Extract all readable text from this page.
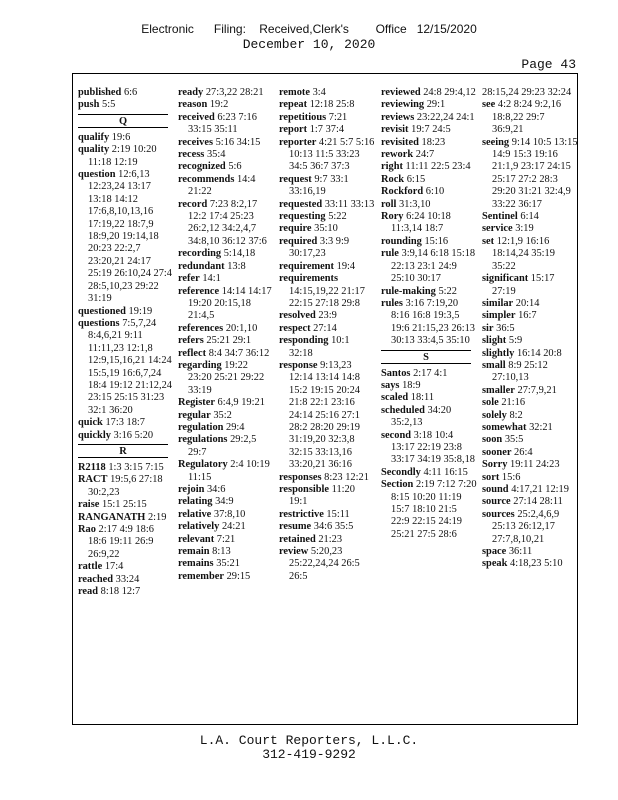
Electronic      Filing:    Received,Clerk's        Office   12/15/2020
December 10, 2020
Page 43
published 6:6
push 5:5
Q
qualify 19:6
quality 2:19 10:20 11:18 12:19
question 12:6,13 12:23,24 13:17 13:18 14:12 17:6,8,10,13,16 17:19,22 18:7,9 18:9,20 19:14,18 20:23 22:2,7 23:20,21 24:17 25:19 26:10,24 27:4 28:5,10,23 29:22 31:19
questioned 19:19
questions 7:5,7,24 8:4,6,21 9:11 11:11,23 12:1,8 12:9,15,16,21 14:24 15:5,19 16:6,7,24 18:4 19:12 21:12,24 23:15 25:15 31:23 32:1 36:20
quick 17:3 18:7
quickly 3:16 5:20
R
R2118 1:3 3:15 7:15
RACT 19:5,6 27:18 30:2,23
raise 15:1 25:15
RANGANATH 2:19
Rao 2:17 4:9 18:6 18:6 19:11 26:9 26:9,22
rattle 17:4
reached 33:24
read 8:18 12:7
ready 27:3,22 28:21
reason 19:2
received 6:23 7:16 33:15 35:11
receives 5:16 34:15
recess 35:4
recognized 5:6
recommends 14:4 21:22
record 7:23 8:2,17 12:2 17:4 25:23 26:2,12 34:2,4,7 34:8,10 36:12 37:6
recording 5:14,18
redundant 13:8
refer 14:1
reference 14:14 14:17 19:20 20:15,18 21:4,5
references 20:1,10
refers 25:21 29:1
reflect 8:4 34:7 36:12
regarding 19:22 23:20 25:21 29:22 33:19
Register 6:4,9 19:21
regular 35:2
regulation 29:4
regulations 29:2,5 29:7
Regulatory 2:4 10:19 11:15
rejoin 34:6
relating 34:9
relative 37:8,10
relatively 24:21
relevant 7:21
remain 8:13
remains 35:21
remember 29:15
remote 3:4
repeat 12:18 25:8
repetitious 7:21
report 1:7 37:4
reporter 4:21 5:7 5:16 10:13 11:5 33:23 34:5 36:7 37:3
request 9:7 33:1 33:16,19
requested 33:11 33:13
requesting 5:22
require 35:10
required 3:3 9:9 30:17,23
requirement 19:4
requirements 14:15,19,22 21:17 22:15 27:18 29:8
resolved 23:9
respect 27:14
responding 10:1 32:18
response 9:13,23 12:14 13:14 14:8 15:2 19:15 20:24 21:8 22:1 23:16 24:14 25:16 27:1 28:2 28:20 29:19 31:19,20 32:3,8 32:15 33:13,16 33:20,21 36:16
responses 8:23 12:21
responsible 11:20 19:1
restrictive 15:11
resume 34:6 35:5
retained 21:23
review 5:20,23 25:22,24,24 26:5 26:5
reviewed 24:8 29:4,12
reviewing 29:1
reviews 23:22,24 24:1
revisit 19:7 24:5
revisited 18:23
rework 24:7
right 11:11 22:5 23:4
Rock 6:15
Rockford 6:10
roll 31:3,10
Rory 6:24 10:18 11:3,14 18:7
rounding 15:16
rule 3:9,14 6:18 15:18 22:13 23:1 24:9 25:10 30:17
rule-making 5:22
rules 3:16 7:19,20 8:16 16:8 19:3,5 19:6 21:15,23 26:13 30:13 33:4,5 35:10
S
Santos 2:17 4:1
says 18:9
scaled 18:11
scheduled 34:20 35:2,13
second 3:18 10:4 13:17 22:19 23:8 33:17 34:19 35:8,18
Secondly 4:11 16:15
Section 2:19 7:12 7:20 8:15 10:20 11:19 15:7 18:10 21:5 22:9 22:15 24:19 25:21 27:5 28:6
28:15,24 29:23 32:24
see 4:2 8:24 9:2,16 18:8,22 29:7 36:9,21
seeing 9:14 10:5 13:15 14:9 15:3 19:16 21:1,9 23:17 24:15 25:17 27:2 28:3 29:20 31:21 32:4,9 33:22 36:17
Sentinel 6:14
service 3:19
set 12:1,9 16:16 18:14,24 35:19 35:22
significant 15:17 27:19
similar 20:14
simpler 16:7
sir 36:5
slight 5:9
slightly 16:14 20:8
small 8:9 25:12 27:10,13
smaller 27:7,9,21
sole 21:16
solely 8:2
somewhat 32:21
soon 35:5
sooner 26:4
Sorry 19:11 24:23
sort 15:6
sound 4:17,21 12:19
source 27:14 28:11
sources 25:2,4,6,9 25:13 26:12,17 27:7,8,10,21
space 36:11
speak 4:18,23 5:10
L.A. Court Reporters, L.L.C.
312-419-9292
